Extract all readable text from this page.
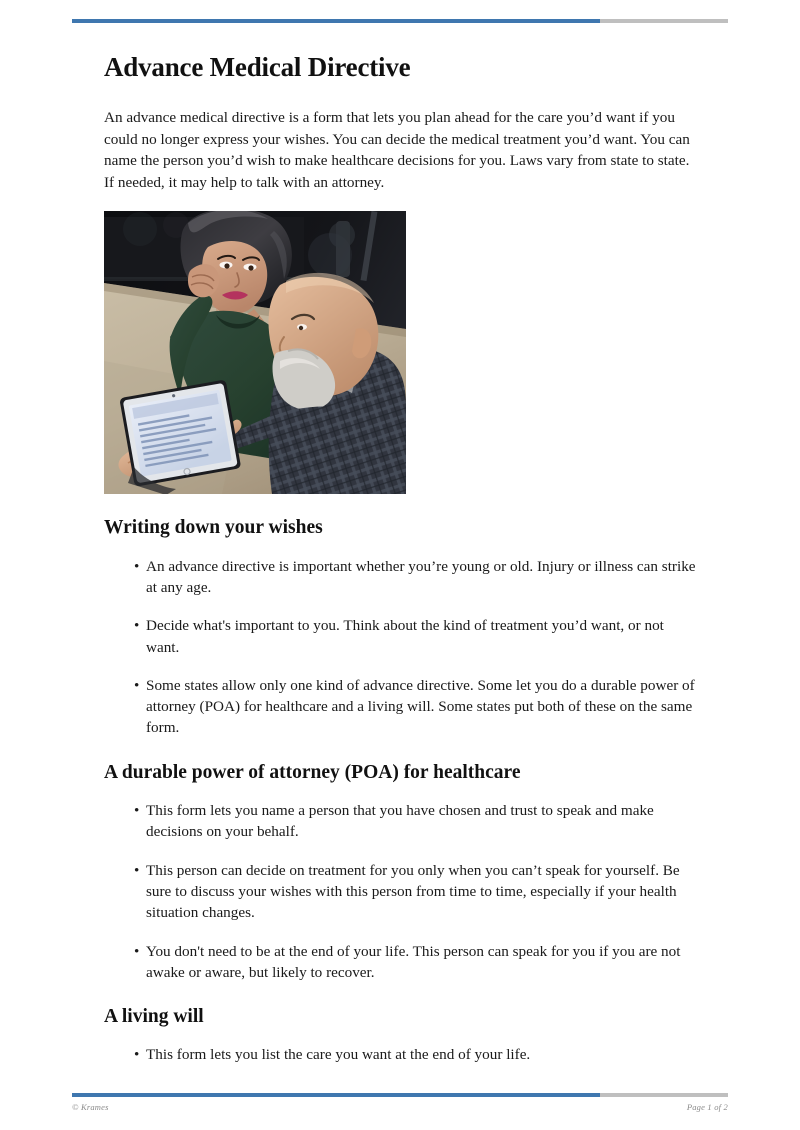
Advance Medical Directive

An advance medical directive is a form that lets you plan ahead for the care you’d want if you could no longer express your wishes. You can decide the medical treatment you’d want. You can name the person you’d wish to make healthcare decisions for you. Laws vary from state to state. If needed, it may help to talk with an attorney.

Writing down your wishes
• An advance directive is important whether you’re young or old. Injury or illness can strike at any age.
• Decide what's important to you. Think about the kind of treatment you’d want, or not want.
• Some states allow only one kind of advance directive. Some let you do a durable power of attorney (POA) for healthcare and a living will. Some states put both of these on the same form.
A durable power of attorney (POA) for healthcare
• This form lets you name a person that you have chosen and trust to speak and make decisions on your behalf.
• This person can decide on treatment for you only when you can’t speak for yourself. Be sure to discuss your wishes with this person from time to time, especially if your health situation changes.
• You don't need to be at the end of your life. This person can speak for you if you are not awake or aware, but likely to recover.
A living will
• This form lets you list the care you want at the end of your life.
© Krames	Page 1 of 2
